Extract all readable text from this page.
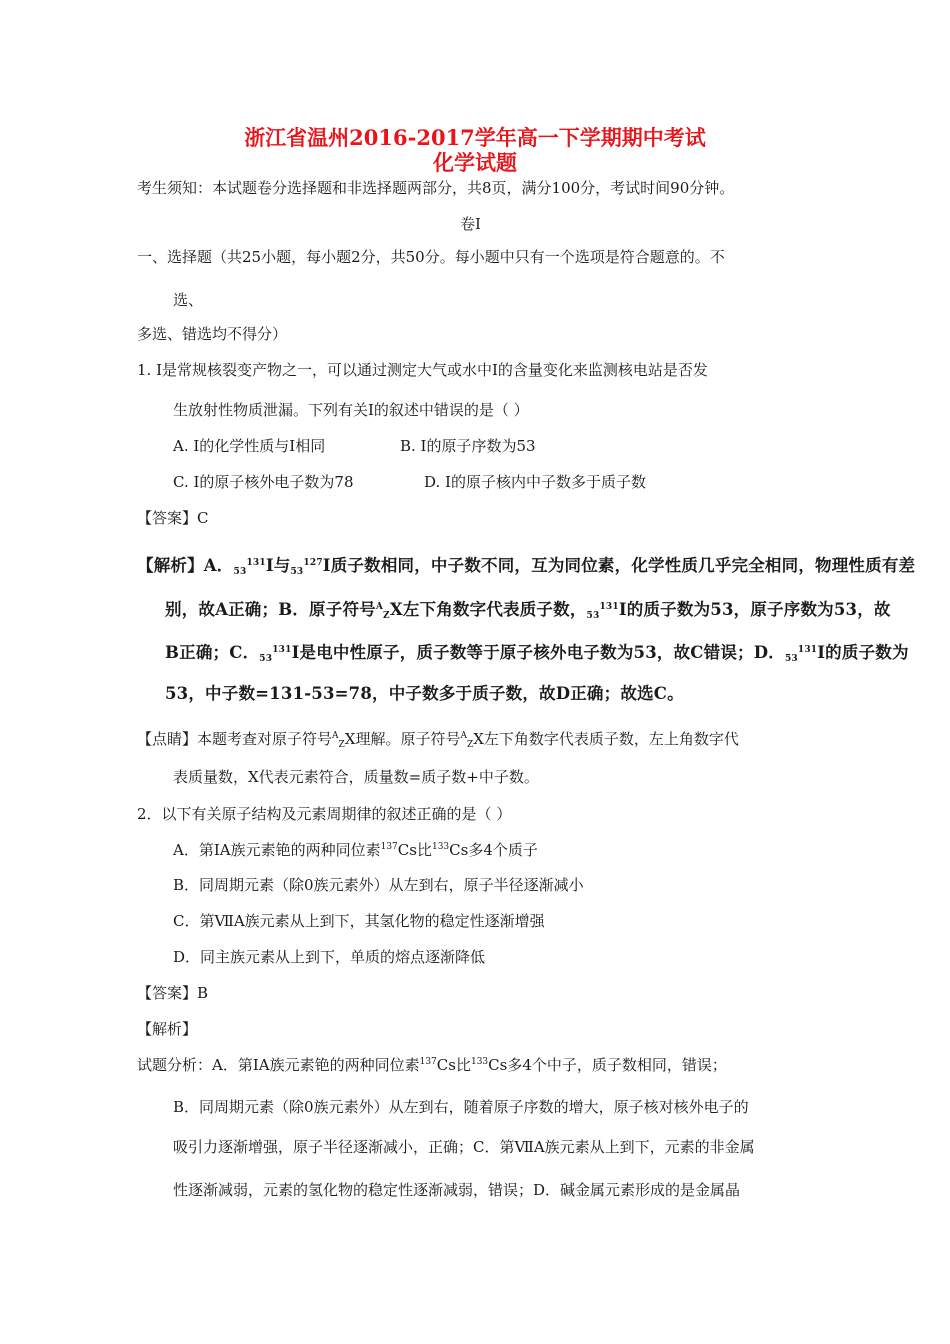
浙江省温州2016-2017学年高一下学期期中考试
化学试题
考生须知：本试题卷分选择题和非选择题两部分，共8页，满分100分，考试时间90分钟。
卷Ⅰ
一、选择题（共25小题，每小题2分，共50分。每小题中只有一个选项是符合题意的。不
选、
多选、错选均不得分）
1. I是常规核裂变产物之一，可以通过测定大气或水中I的含量变化来监测核电站是否发
生放射性物质泄漏。下列有关I的叙述中错误的是（ ）
A. I的化学性质与I相同	B. I的原子序数为53
C. I的原子核外电子数为78	D. I的原子核内中子数多于质子数
【答案】C
【解析】A．$_{53}^{131}$I与$_{53}^{127}$I质子数相同，中子数不同，互为同位素，化学性质几乎完全相同，物理性质有差
别，故A正确；B．原子符号$^A_Z$X左下角数字代表质子数，$_{53}^{131}$I的质子数为53，原子序数为53，故
B正确；C．$_{53}^{131}$I是电中性原子，质子数等于原子核外电子数为53，故C错误；D．$_{53}^{131}$I的质子数为
53，中子数=131-53=78，中子数多于质子数，故D正确；故选C。
【点睛】本题考查对原子符号$^A_Z$X理解。原子符号$^A_Z$X左下角数字代表质子数，左上角数字代
表质量数，X代表元素符合，质量数=质子数+中子数。
2．以下有关原子结构及元素周期律的叙述正确的是（ ）
A．第ⅠA族元素铯的两种同位素$^{137}$Cs比$^{133}$Cs多4个质子
B．同周期元素（除0族元素外）从左到右，原子半径逐渐减小
C．第ⅦA族元素从上到下，其氢化物的稳定性逐渐增强
D．同主族元素从上到下，单质的熔点逐渐降低
【答案】B
【解析】
试题分析：A．第IA族元素铯的两种同位素$^{137}$Cs比$^{133}$Cs多4个中子，质子数相同，错误；
B．同周期元素（除0族元素外）从左到右，随着原子序数的增大，原子核对核外电子的
吸引力逐渐增强，原子半径逐渐减小，正确；C．第ⅦA族元素从上到下，元素的非金属
性逐渐减弱，元素的氢化物的稳定性逐渐减弱，错误；D．碱金属元素形成的是金属晶
